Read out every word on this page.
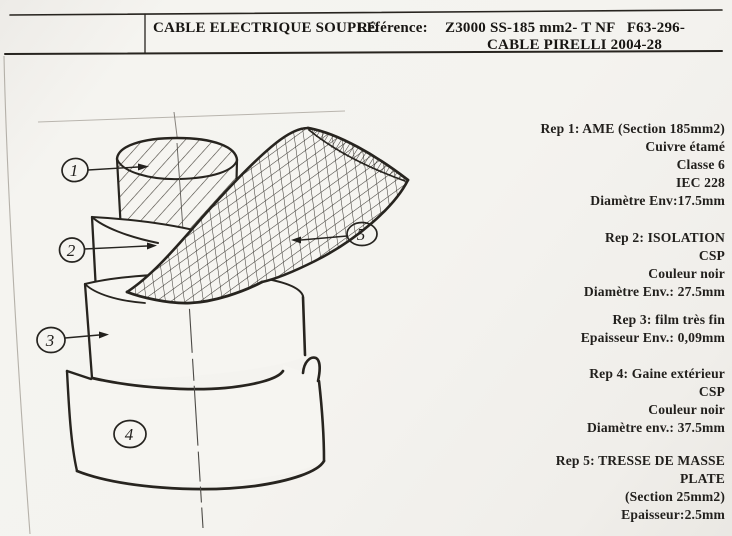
1
2
3
4
5
CABLE ELECTRIQUE SOUPLE
Référence: Z3000 SS-185 mm2- T NF   F63-296-
CABLE PIRELLI 2004-28
Rep 1: AME (Section 185mm2)
Cuivre étamé
Classe 6
IEC 228
Diamètre Env:17.5mm
Rep 2: ISOLATION
CSP
Couleur noir
Diamètre Env.: 27.5mm
Rep 3: film très fin
Epaisseur Env.: 0,09mm
Rep 4: Gaine extérieur
CSP
Couleur noir
Diamètre env.: 37.5mm
Rep 5: TRESSE DE MASSE
PLATE
(Section 25mm2)
Epaisseur:2.5mm
